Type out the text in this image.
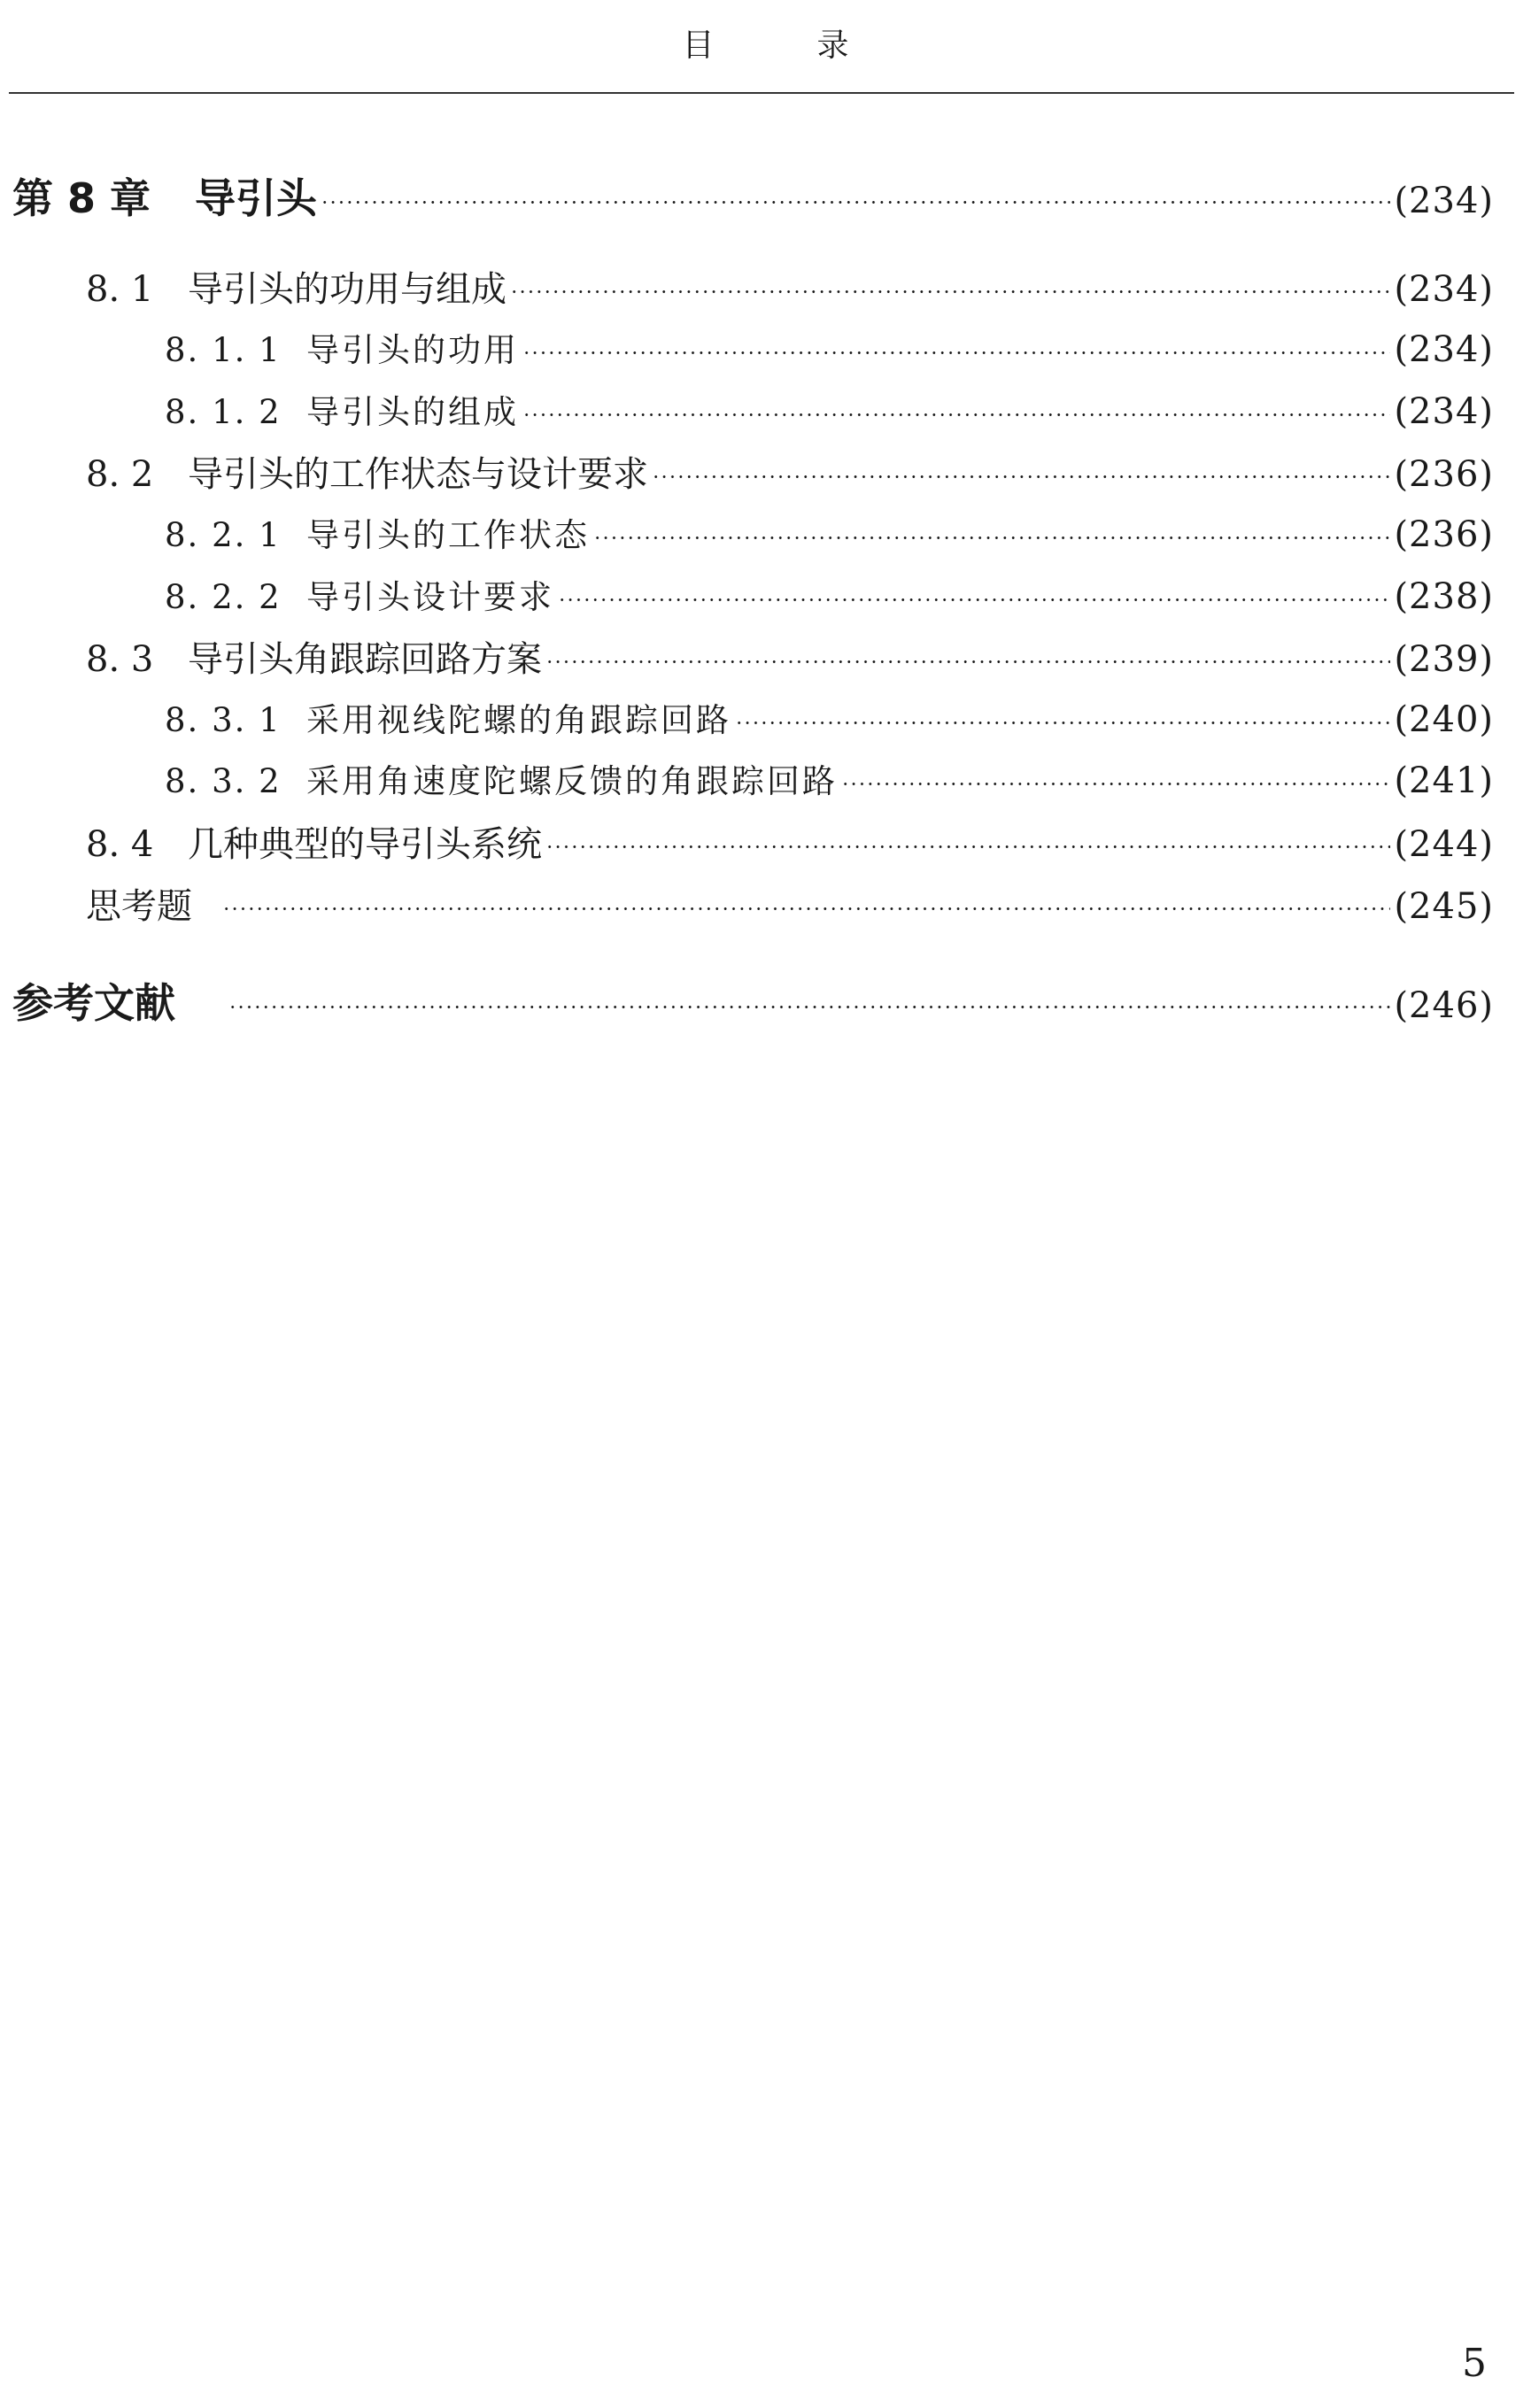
目　录
第 8 章	导引头	(234)
8. 1 导引头的功用与组成	(234)
8. 1. 1 导引头的功用	(234)
8. 1. 2 导引头的组成	(234)
8. 2 导引头的工作状态与设计要求	(236)
8. 2. 1 导引头的工作状态	(236)
8. 2. 2 导引头设计要求	(238)
8. 3 导引头角跟踪回路方案	(239)
8. 3. 1 采用视线陀螺的角跟踪回路	(240)
8. 3. 2 采用角速度陀螺反馈的角跟踪回路	(241)
8. 4 几种典型的导引头系统	(244)
思考题	(245)
参考文献	(246)
5
